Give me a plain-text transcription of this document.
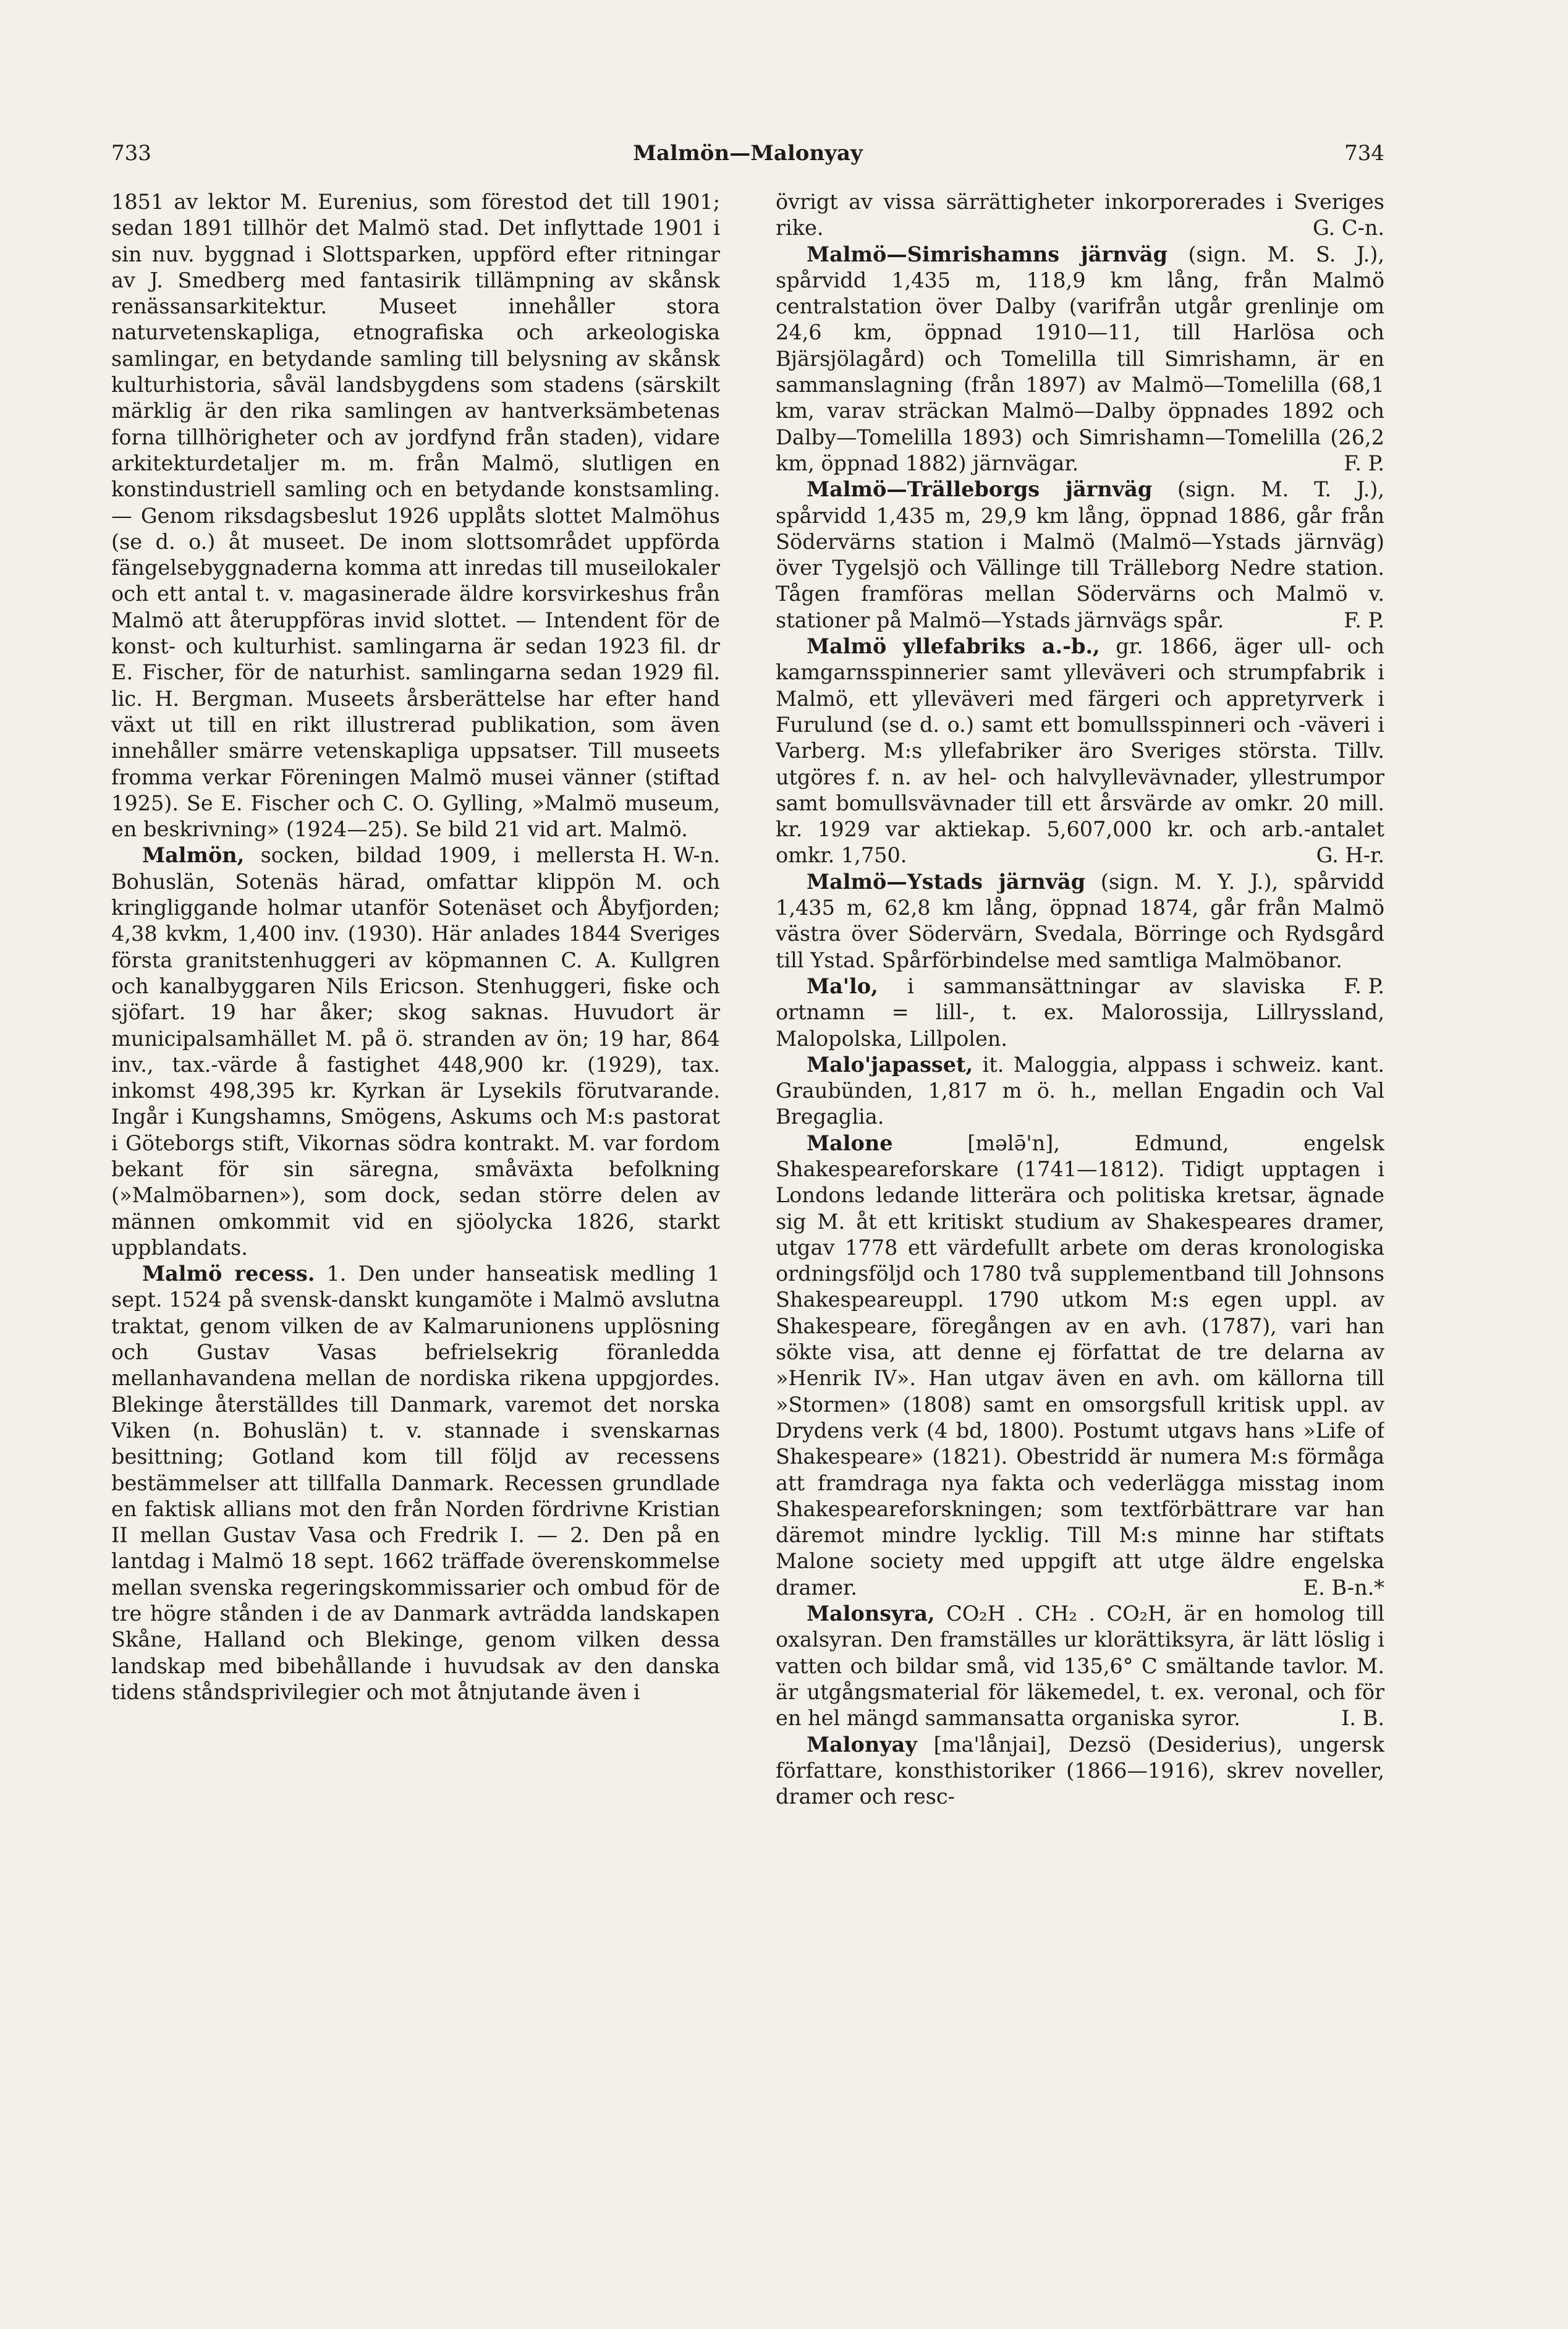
733	Malmön—Malonyay	734

1851 av lektor M. Eurenius, som förestod det till 1901; sedan 1891 tillhör det Malmö stad. Det inflyttade 1901 i sin nuv. byggnad i Slottsparken, uppförd efter ritningar av J. Smedberg med fantasirik tillämpning av skånsk renässansarkitektur. Museet innehåller stora naturvetenskapliga, etnografiska och arkeologiska samlingar, en betydande samling till belysning av skånsk kulturhistoria, såväl landsbygdens som stadens (särskilt märklig är den rika samlingen av hantverksämbetenas forna tillhörigheter och av jordfynd från staden), vidare arkitekturdetaljer m. m. från Malmö, slutligen en konstindustriell samling och en betydande konstsamling. — Genom riksdagsbeslut 1926 upplåts slottet Malmöhus (se d. o.) åt museet. De inom slottsområdet uppförda fängelsebyggnaderna komma att inredas till museilokaler och ett antal t. v. magasinerade äldre korsvirkeshus från Malmö att återuppföras invid slottet. — Intendent för de konst- och kulturhist. samlingarna är sedan 1923 fil. dr E. Fischer, för de naturhist. samlingarna sedan 1929 fil. lic. H. Bergman. Museets årsberättelse har efter hand växt ut till en rikt illustrerad publikation, som även innehåller smärre vetenskapliga uppsatser. Till museets fromma verkar Föreningen Malmö musei vänner (stiftad 1925). Se E. Fischer och C. O. Gylling, »Malmö museum, en beskrivning» (1924—25). Se bild 21 vid art. Malmö.
H. W-n.

Malmön, socken, bildad 1909, i mellersta Bohuslän, Sotenäs härad, omfattar klippön M. och kringliggande holmar utanför Sotenäset och Åbyfjorden; 4,38 kvkm, 1,400 inv. (1930). Här anlades 1844 Sveriges första granitstenhuggeri av köpmannen C. A. Kullgren och kanalbyggaren Nils Ericson. Stenhuggeri, fiske och sjöfart. 19 har åker; skog saknas. Huvudort är municipalsamhället M. på ö. stranden av ön; 19 har, 864 inv., tax.-värde å fastighet 448,900 kr. (1929), tax. inkomst 498,395 kr. Kyrkan är Lysekils förutvarande. Ingår i Kungshamns, Smögens, Askums och M:s pastorat i Göteborgs stift, Vikornas södra kontrakt. M. var fordom bekant för sin säregna, småväxta befolkning (»Malmöbarnen»), som dock, sedan större delen av männen omkommit vid en sjöolycka 1826, starkt uppblandats.

Malmö recess. 1. Den under hanseatisk medling 1 sept. 1524 på svensk-danskt kungamöte i Malmö avslutna traktat, genom vilken de av Kalmarunionens upplösning och Gustav Vasas befrielsekrig föranledda mellanhavandena mellan de nordiska rikena uppgjordes. Blekinge återställdes till Danmark, varemot det norska Viken (n. Bohuslän) t. v. stannade i svenskarnas besittning; Gotland kom till följd av recessens bestämmelser att tillfalla Danmark. Recessen grundlade en faktisk allians mot den från Norden fördrivne Kristian II mellan Gustav Vasa och Fredrik I. — 2. Den på en lantdag i Malmö 18 sept. 1662 träffade överenskommelse mellan svenska regeringskommissarier och ombud för de tre högre stånden i de av Danmark avträdda landskapen Skåne, Halland och Blekinge, genom vilken dessa landskap med bibehållande i huvudsak av den danska tidens ståndsprivilegier och mot åtnjutande även i

övrigt av vissa särrättigheter inkorporerades i Sveriges rike.	G. C-n.

Malmö—Simrishamns järnväg (sign. M. S. J.), spårvidd 1,435 m, 118,9 km lång, från Malmö centralstation över Dalby (varifrån utgår grenlinje om 24,6 km, öppnad 1910—11, till Harlösa och Bjärsjölagård) och Tomelilla till Simrishamn, är en sammanslagning (från 1897) av Malmö—Tomelilla (68,1 km, varav sträckan Malmö—Dalby öppnades 1892 och Dalby—Tomelilla 1893) och Simrishamn—Tomelilla (26,2 km, öppnad 1882) järnvägar.	F. P.

Malmö—Trälleborgs järnväg (sign. M. T. J.), spårvidd 1,435 m, 29,9 km lång, öppnad 1886, går från Södervärns station i Malmö (Malmö—Ystads järnväg) över Tygelsjö och Vällinge till Trälleborg Nedre station. Tågen framföras mellan Södervärns och Malmö v. stationer på Malmö—Ystads järnvägs spår.	F. P.

Malmö yllefabriks a.-b., gr. 1866, äger ull- och kamgarnsspinnerier samt ylleväveri och strumpfabrik i Malmö, ett ylleväveri med färgeri och appretyrverk i Furulund (se d. o.) samt ett bomullsspinneri och -väveri i Varberg. M:s yllefabriker äro Sveriges största. Tillv. utgöres f. n. av hel- och halvyllevävnader, yllestrumpor samt bomullsvävnader till ett årsvärde av omkr. 20 mill. kr. 1929 var aktiekap. 5,607,000 kr. och arb.-antalet omkr. 1,750.	G. H-r.

Malmö—Ystads järnväg (sign. M. Y. J.), spårvidd 1,435 m, 62,8 km lång, öppnad 1874, går från Malmö västra över Södervärn, Svedala, Börringe och Rydsgård till Ystad. Spårförbindelse med samtliga Malmöbanor.
F. P.

Ma'lo, i sammansättningar av slaviska ortnamn = lill-, t. ex. Malorossija, Lillryssland, Malopolska, Lillpolen.

Malo'japasset, it. Maloggia, alppass i schweiz. kant. Graubünden, 1,817 m ö. h., mellan Engadin och Val Bregaglia.

Malone [mələ̄'n], Edmund, engelsk Shakespeareforskare (1741—1812). Tidigt upptagen i Londons ledande litterära och politiska kretsar, ägnade sig M. åt ett kritiskt studium av Shakespeares dramer, utgav 1778 ett värdefullt arbete om deras kronologiska ordningsföljd och 1780 två supplementband till Johnsons Shakespeareuppl. 1790 utkom M:s egen uppl. av Shakespeare, föregången av en avh. (1787), vari han sökte visa, att denne ej författat de tre delarna av »Henrik IV». Han utgav även en avh. om källorna till »Stormen» (1808) samt en omsorgsfull kritisk uppl. av Drydens verk (4 bd, 1800). Postumt utgavs hans »Life of Shakespeare» (1821). Obestridd är numera M:s förmåga att framdraga nya fakta och vederlägga misstag inom Shakespeareforskningen; som textförbättrare var han däremot mindre lycklig. Till M:s minne har stiftats Malone society med uppgift att utge äldre engelska dramer.	E. B-n.*

Malonsyra, CO₂H . CH₂ . CO₂H, är en homolog till oxalsyran. Den framställes ur klorättiksyra, är lätt löslig i vatten och bildar små, vid 135,6° C smältande tavlor. M. är utgångsmaterial för läkemedel, t. ex. veronal, och för en hel mängd sammansatta organiska syror.	I. B.

Malonyay [ma'lånjai], Dezsö (Desiderius), ungersk författare, konsthistoriker (1866—1916), skrev noveller, dramer och resc-
